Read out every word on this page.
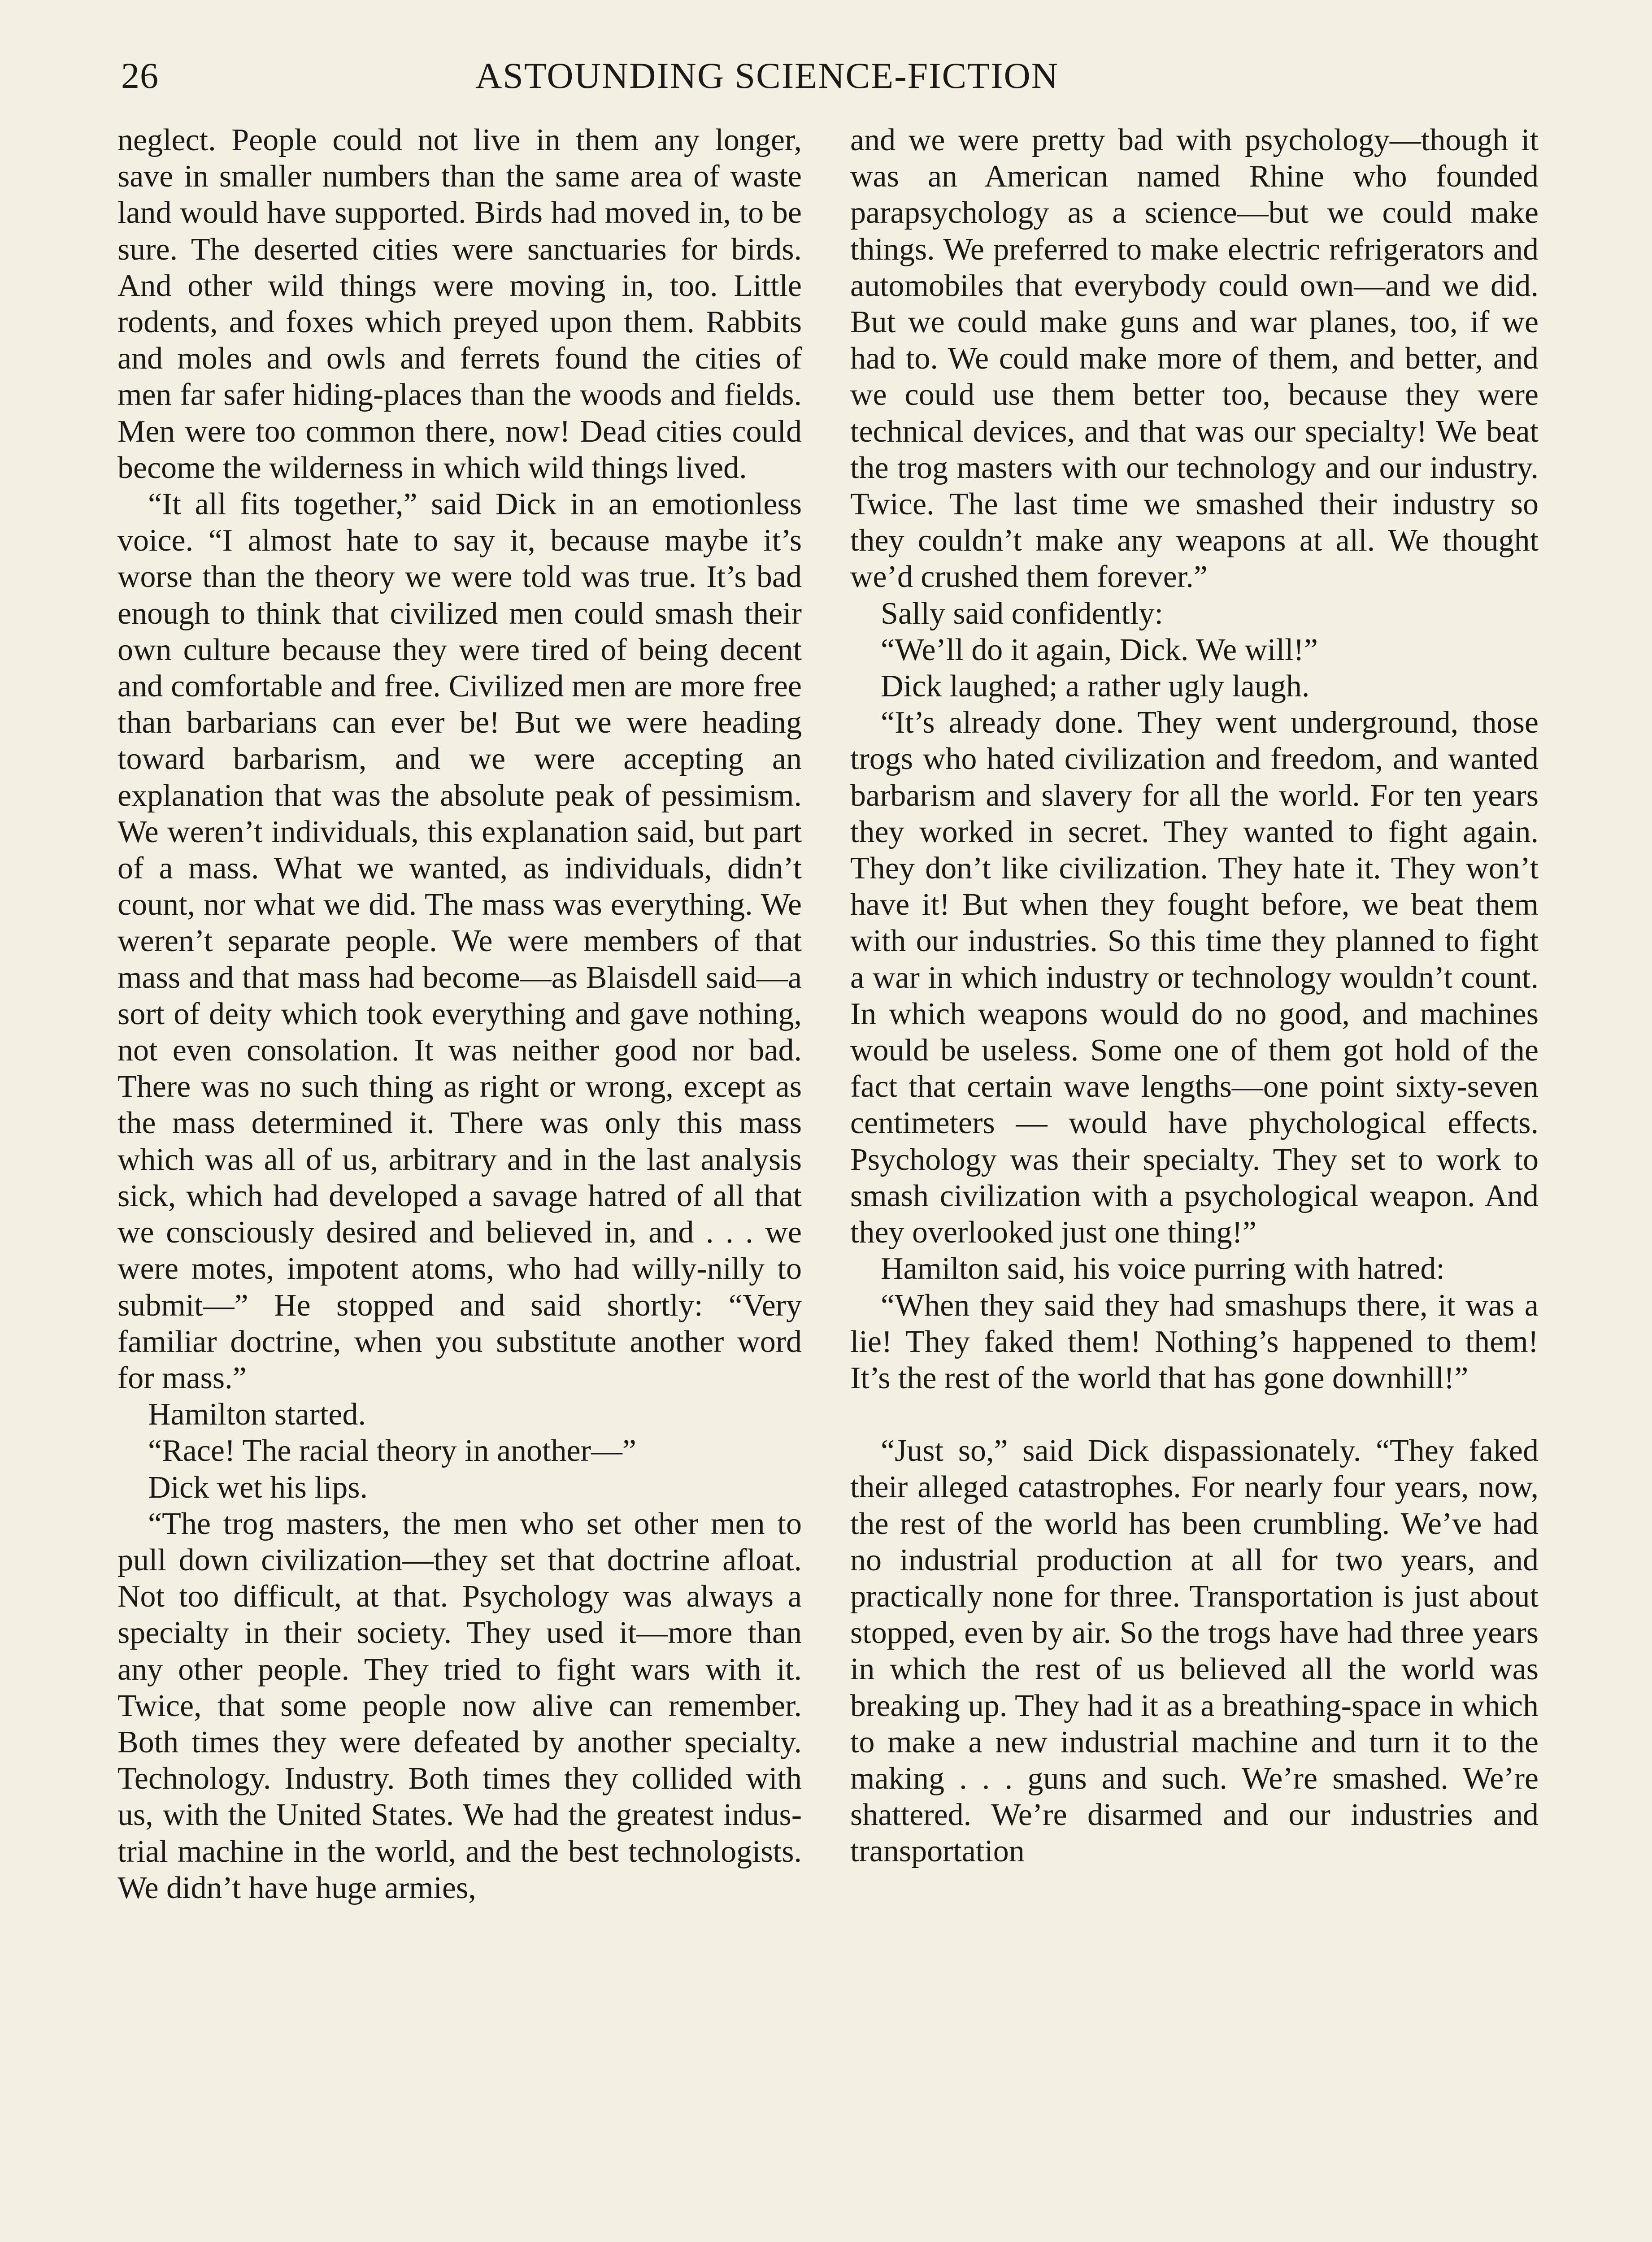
26	ASTOUNDING SCIENCE-FICTION

neglect. People could not live in them any longer, save in smaller numbers than the same area of waste land would have supported. Birds had moved in, to be sure. The deserted cities were sanctuaries for birds. And other wild things were moving in, too. Little rodents, and foxes which preyed upon them. Rabbits and moles and owls and ferrets found the cities of men far safer hiding-places than the woods and fields. Men were too common there, now! Dead cities could become the wilderness in which wild things lived.

“It all fits together,” said Dick in an emotionless voice. “I almost hate to say it, because maybe it’s worse than the theory we were told was true. It’s bad enough to think that civilized men could smash their own culture because they were tired of being decent and comfortable and free. Civilized men are more free than barbarians can ever be! But we were heading toward barbarism, and we were accepting an explanation that was the absolute peak of pessimism. We weren’t individuals, this explanation said, but part of a mass. What we wanted, as individuals, didn’t count, nor what we did. The mass was everything. We weren’t separate people. We were members of that mass and that mass had become—as Blaisdell said—a sort of deity which took everything and gave nothing, not even consolation. It was neither good nor bad. There was no such thing as right or wrong, except as the mass determined it. There was only this mass which was all of us, arbitrary and in the last analysis sick, which had developed a savage hatred of all that we consciously desired and believed in, and . . . we were motes, impotent atoms, who had willy-nilly to submit—” He stopped and said shortly: “Very familiar doctrine, when you substitute another word for mass.”

Hamilton started.

“Race! The racial theory in another—”

Dick wet his lips.

“The trog masters, the men who set other men to pull down civilization—they set that doctrine afloat. Not too difficult, at that. Psychology was always a specialty in their society. They used it—more than any other people. They tried to fight wars with it. Twice, that some people now alive can remember. Both times they were defeated by another specialty. Technology. Industry. Both times they collided with us, with the United States. We had the greatest industrial machine in the world, and the best technologists. We didn’t have huge armies,

and we were pretty bad with psychology—though it was an American named Rhine who founded parapsychology as a science—but we could make things. We preferred to make electric refrigerators and automobiles that everybody could own—and we did. But we could make guns and war planes, too, if we had to. We could make more of them, and better, and we could use them better too, because they were technical devices, and that was our specialty! We beat the trog masters with our technology and our industry. Twice. The last time we smashed their industry so they couldn’t make any weapons at all. We thought we’d crushed them forever.”

Sally said confidently:

“We’ll do it again, Dick. We will!”

Dick laughed; a rather ugly laugh.

“It’s already done. They went underground, those trogs who hated civilization and freedom, and wanted barbarism and slavery for all the world. For ten years they worked in secret. They wanted to fight again. They don’t like civilization. They hate it. They won’t have it! But when they fought before, we beat them with our industries. So this time they planned to fight a war in which industry or technology wouldn’t count. In which weapons would do no good, and machines would be useless. Some one of them got hold of the fact that certain wave lengths—one point sixty-seven centimeters — would have phychological effects. Psychology was their specialty. They set to work to smash civilization with a psychological weapon. And they overlooked just one thing!”

Hamilton said, his voice purring with hatred:

“When they said they had smashups there, it was a lie! They faked them! Nothing’s happened to them! It’s the rest of the world that has gone downhill!”

“Just so,” said Dick dispassionately. “They faked their alleged catastrophes. For nearly four years, now, the rest of the world has been crumbling. We’ve had no industrial production at all for two years, and practically none for three. Transportation is just about stopped, even by air. So the trogs have had three years in which the rest of us believed all the world was breaking up. They had it as a breathing-space in which to make a new industrial machine and turn it to the making . . . guns and such. We’re smashed. We’re shattered. We’re disarmed and our industries and transportation
